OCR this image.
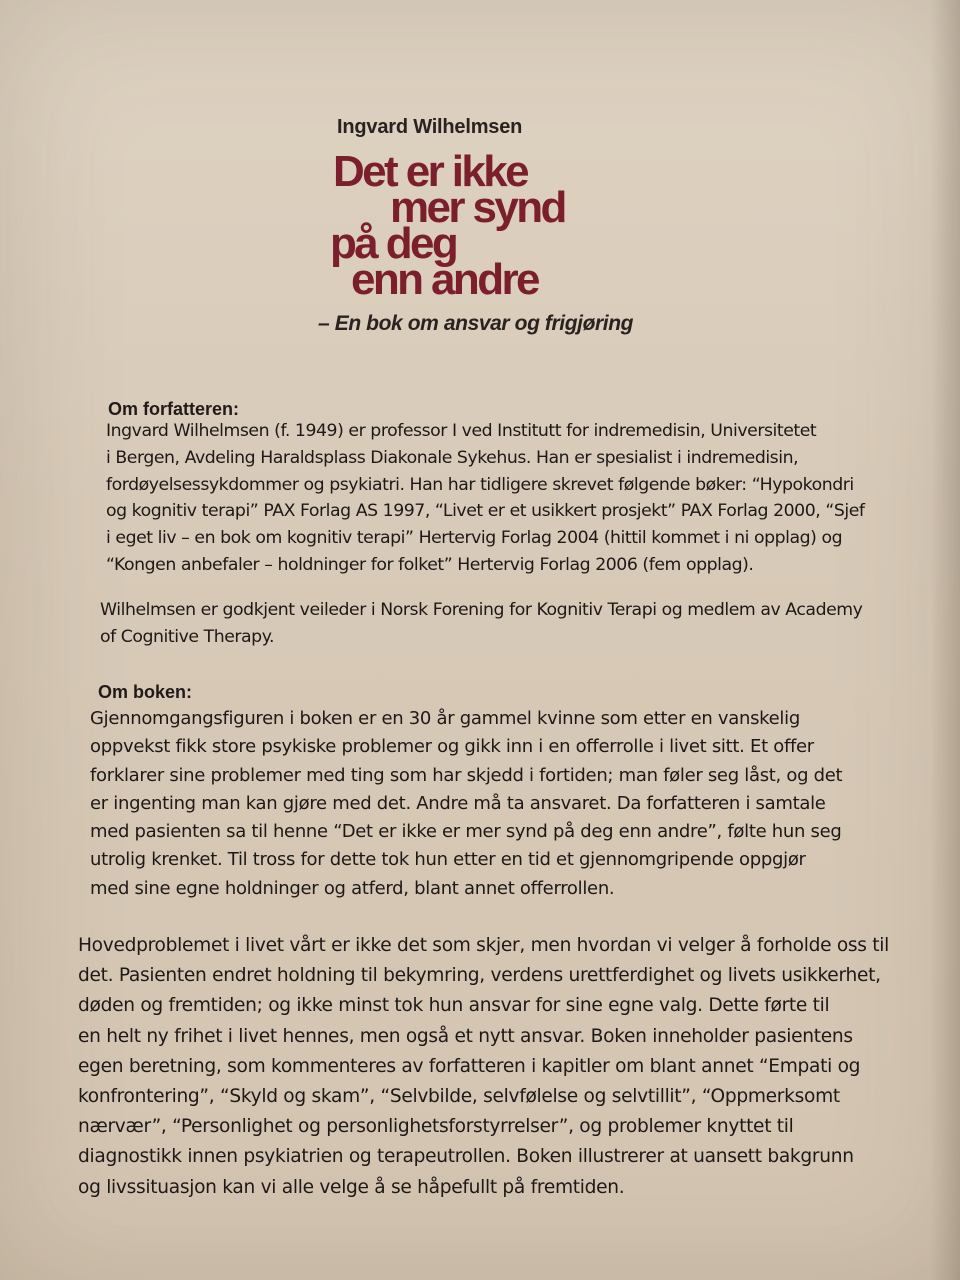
Ingvard Wilhelmsen
Det er ikke
mer synd
på deg
enn andre
– En bok om ansvar og frigjøring
Om forfatteren:
Ingvard Wilhelmsen (f. 1949) er professor I ved Institutt for indremedisin, Universitetet
i Bergen, Avdeling Haraldsplass Diakonale Sykehus. Han er spesialist i indremedisin,
fordøyelsessykdommer og psykiatri. Han har tidligere skrevet følgende bøker: “Hypokondri
og kognitiv terapi” PAX Forlag AS 1997, “Livet er et usikkert prosjekt” PAX Forlag 2000, “Sjef
i eget liv – en bok om kognitiv terapi” Hertervig Forlag 2004 (hittil kommet i ni opplag) og
“Kongen anbefaler – holdninger for folket” Hertervig Forlag 2006 (fem opplag).
Wilhelmsen er godkjent veileder i Norsk Forening for Kognitiv Terapi og medlem av Academy
of Cognitive Therapy.
Om boken:
Gjennomgangsfiguren i boken er en 30 år gammel kvinne som etter en vanskelig
oppvekst fikk store psykiske problemer og gikk inn i en offerrolle i livet sitt. Et offer
forklarer sine problemer med ting som har skjedd i fortiden; man føler seg låst, og det
er ingenting man kan gjøre med det. Andre må ta ansvaret. Da forfatteren i samtale
med pasienten sa til henne “Det er ikke er mer synd på deg enn andre”, følte hun seg
utrolig krenket. Til tross for dette tok hun etter en tid et gjennomgripende oppgjør
med sine egne holdninger og atferd, blant annet offerrollen.
Hovedproblemet i livet vårt er ikke det som skjer, men hvordan vi velger å forholde oss til
det. Pasienten endret holdning til bekymring, verdens urettferdighet og livets usikkerhet,
døden og fremtiden; og ikke minst tok hun ansvar for sine egne valg. Dette førte til
en helt ny frihet i livet hennes, men også et nytt ansvar. Boken inneholder pasientens
egen beretning, som kommenteres av forfatteren i kapitler om blant annet “Empati og
konfrontering”, “Skyld og skam”, “Selvbilde, selvfølelse og selvtillit”, “Oppmerksomt
nærvær”, “Personlighet og personlighetsforstyrrelser”, og problemer knyttet til
diagnostikk innen psykiatrien og terapeutrollen. Boken illustrerer at uansett bakgrunn
og livssituasjon kan vi alle velge å se håpefullt på fremtiden.
